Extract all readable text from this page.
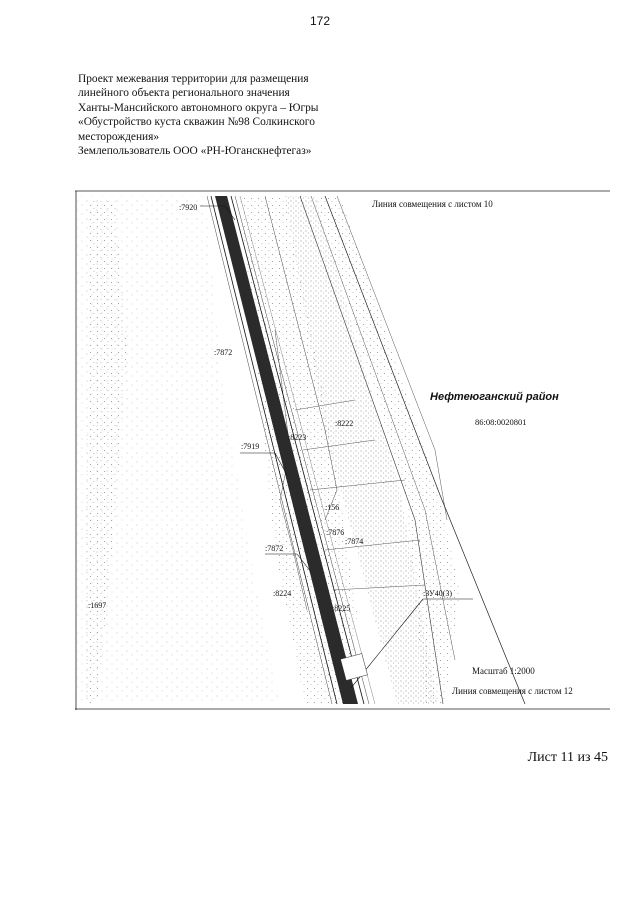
172
Проект межевания территории для размещения
линейного объекта регионального значения
Ханты-Мансийского автономного округа – Югры
«Обустройство куста скважин №98 Солкинского
месторождения»
Землепользователь ООО «РН-Юганскнефтегаз»
:7920
:7872
:7919
:8223
:8222
:156
:7876
:7874
:7872
:8224
:8225
:1697
:ЗУ40(3)
Линия совмещения с листом 10
Нефтеюганский район
86:08:0020801
Масштаб 1:2000
Линия совмещения с листом 12
Лист 11 из 45
